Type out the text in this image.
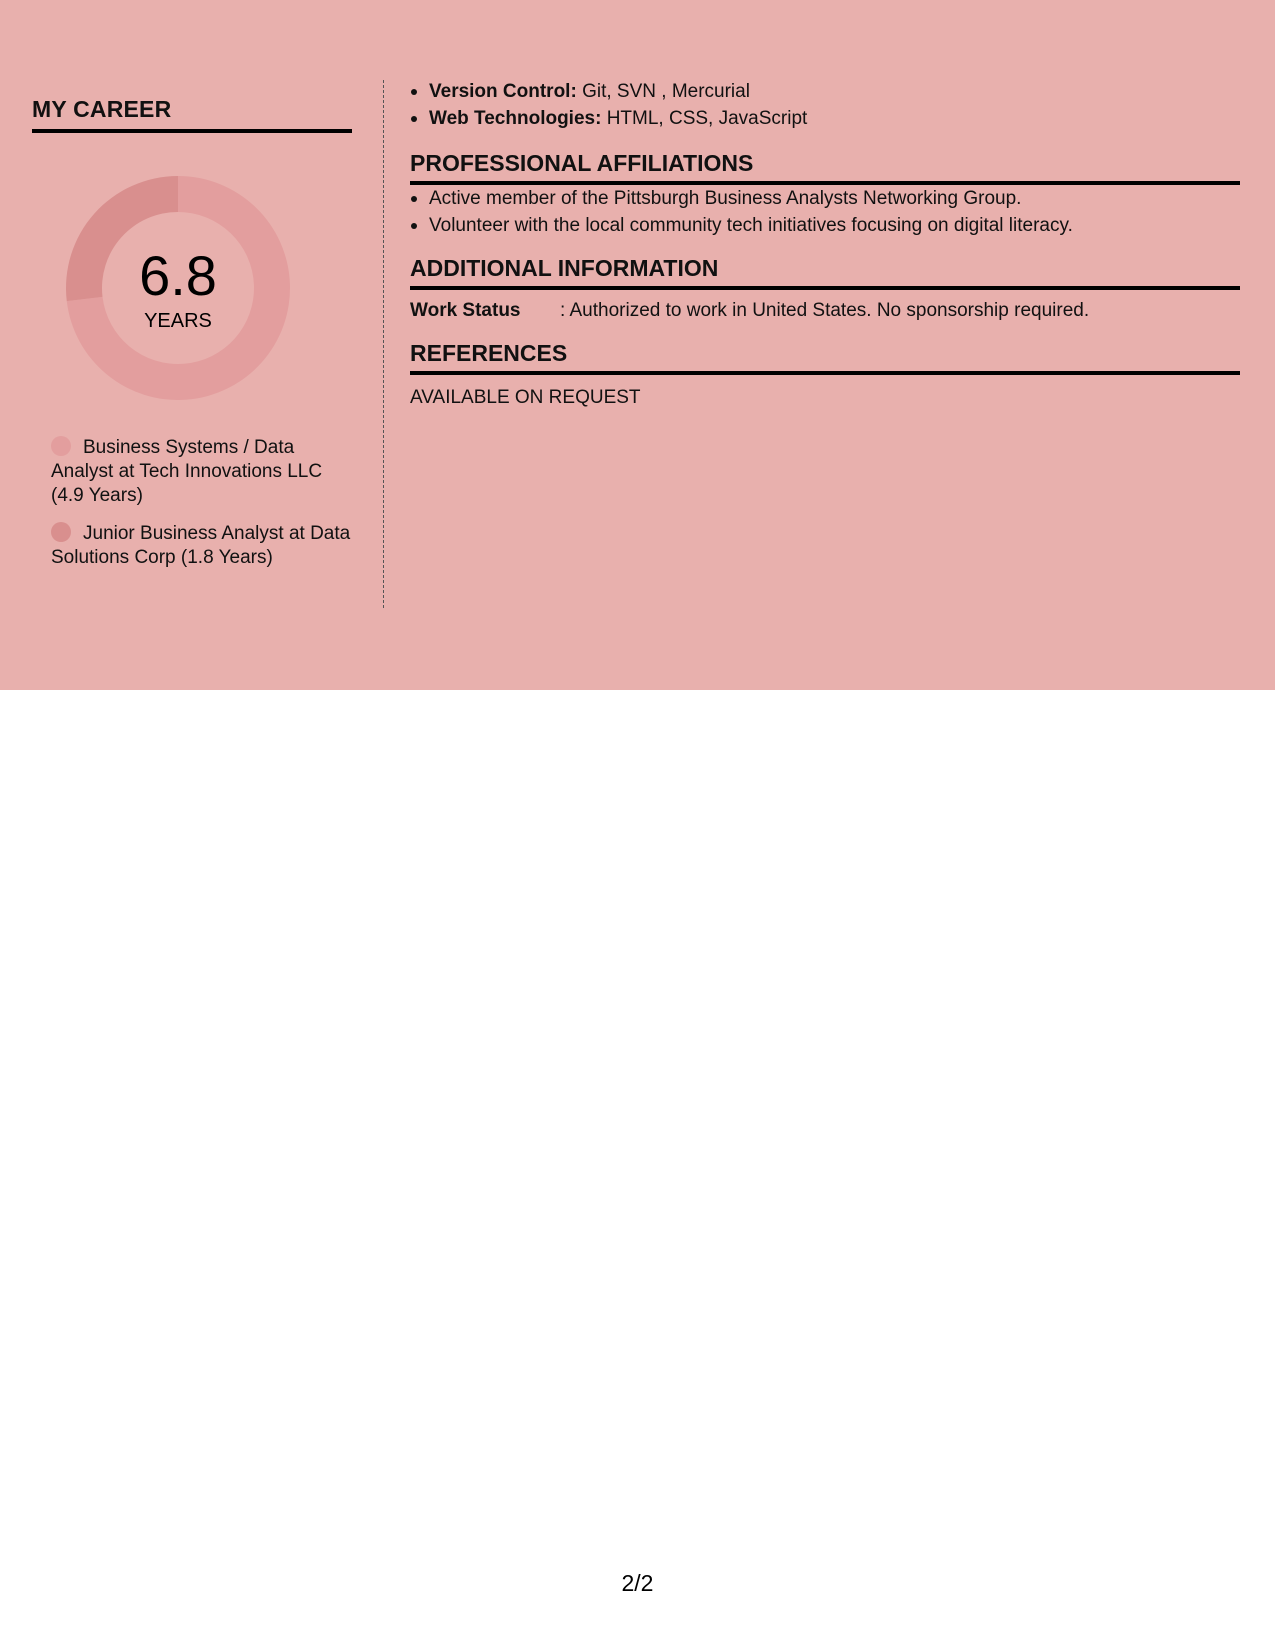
MY CAREER
6.8
YEARS
Business Systems / Data Analyst at Tech Innovations LLC (4.9 Years)
Junior Business Analyst at Data Solutions Corp (1.8 Years)
Version Control: Git, SVN , Mercurial
Web Technologies: HTML, CSS, JavaScript
PROFESSIONAL AFFILIATIONS
Active member of the Pittsburgh Business Analysts Networking Group.
Volunteer with the local community tech initiatives focusing on digital literacy.
ADDITIONAL INFORMATION
Work Status : Authorized to work in United States. No sponsorship required.
REFERENCES
AVAILABLE ON REQUEST
2/2
